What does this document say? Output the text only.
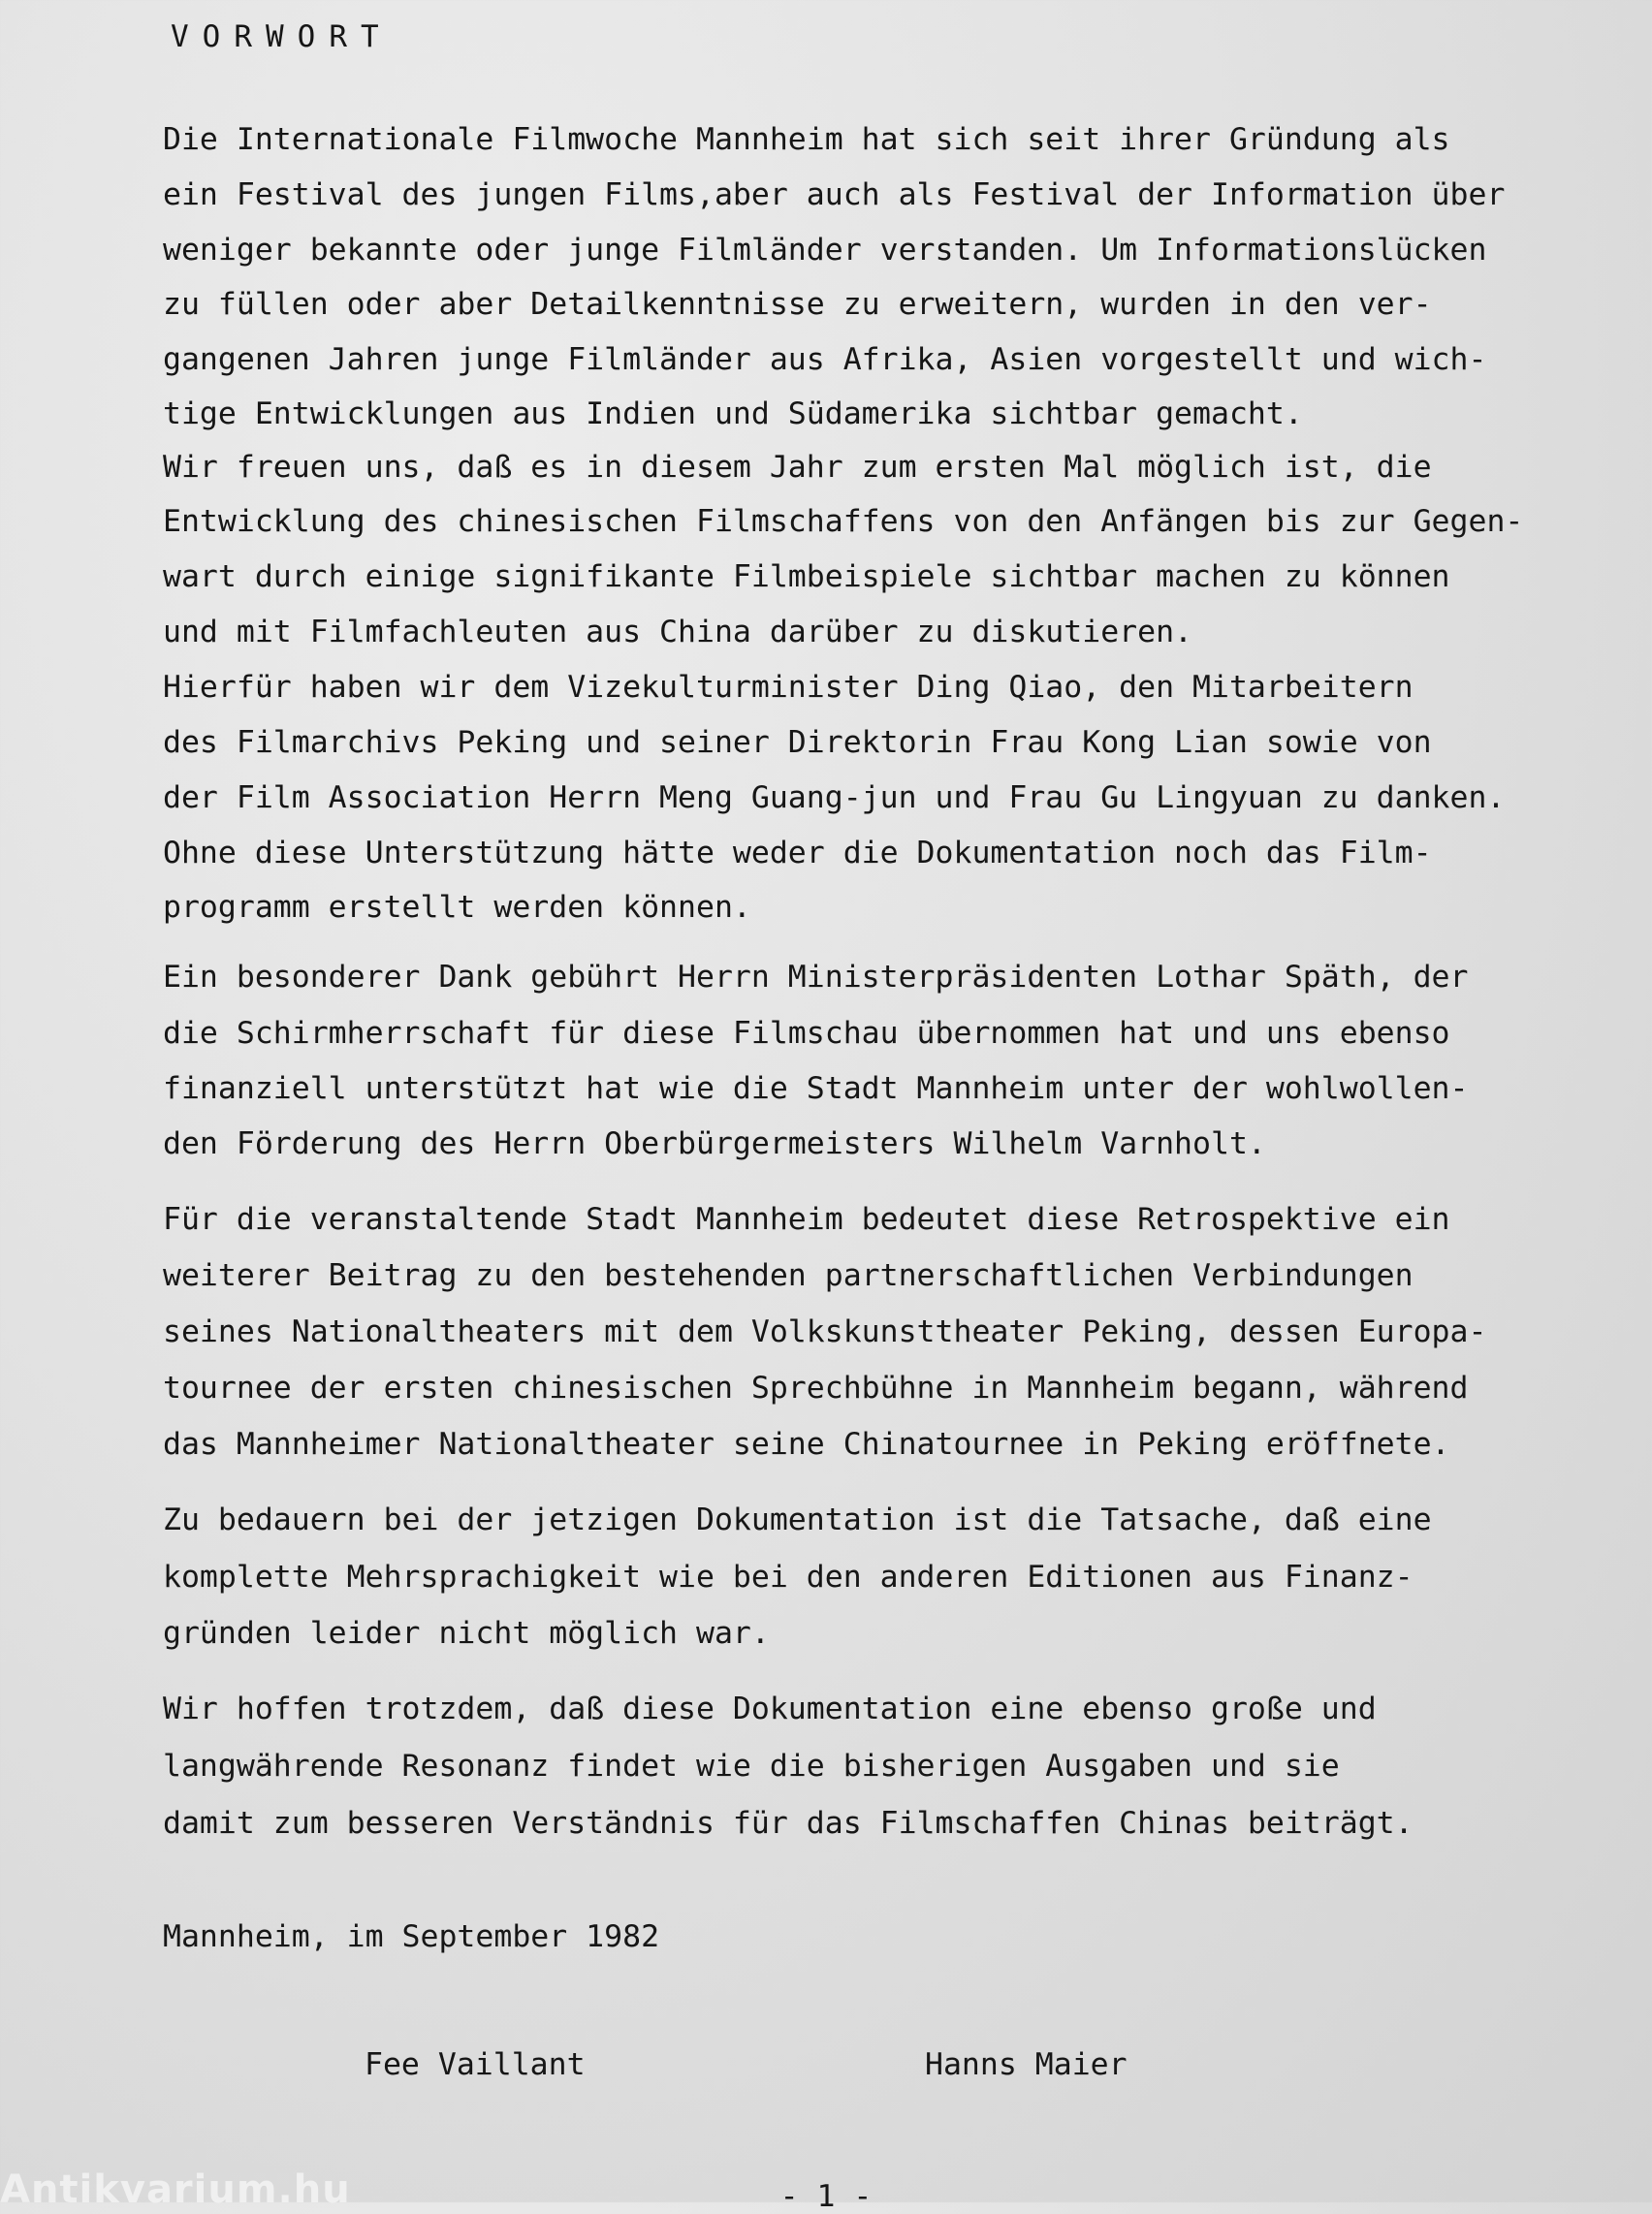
VORWORT

Die Internationale Filmwoche Mannheim hat sich seit ihrer Gründung als

ein Festival des jungen Films,aber auch als Festival der Information über

weniger bekannte oder junge Filmländer verstanden. Um Informationslücken

zu füllen oder aber Detailkenntnisse zu erweitern, wurden in den ver-

gangenen Jahren junge Filmländer aus Afrika, Asien vorgestellt und wich-

tige Entwicklungen aus Indien und Südamerika sichtbar gemacht.

Wir freuen uns, daß es in diesem Jahr zum ersten Mal möglich ist, die

Entwicklung des chinesischen Filmschaffens von den Anfängen bis zur Gegen-

wart durch einige signifikante Filmbeispiele sichtbar machen zu können

und mit Filmfachleuten aus China darüber zu diskutieren.

Hierfür haben wir dem Vizekulturminister Ding Qiao, den Mitarbeitern

des Filmarchivs Peking und seiner Direktorin Frau Kong Lian sowie von

der Film Association Herrn Meng Guang-jun und Frau Gu Lingyuan zu danken.

Ohne diese Unterstützung hätte weder die Dokumentation noch das Film-

programm erstellt werden können.

Ein besonderer Dank gebührt Herrn Ministerpräsidenten Lothar Späth, der

die Schirmherrschaft für diese Filmschau übernommen hat und uns ebenso

finanziell unterstützt hat wie die Stadt Mannheim unter der wohlwollen-

den Förderung des Herrn Oberbürgermeisters Wilhelm Varnholt.

Für die veranstaltende Stadt Mannheim bedeutet diese Retrospektive ein

weiterer Beitrag zu den bestehenden partnerschaftlichen Verbindungen

seines Nationaltheaters mit dem Volkskunsttheater Peking, dessen Europa-

tournee der ersten chinesischen Sprechbühne in Mannheim begann, während

das Mannheimer Nationaltheater seine Chinatournee in Peking eröffnete.

Zu bedauern bei der jetzigen Dokumentation ist die Tatsache, daß eine

komplette Mehrsprachigkeit wie bei den anderen Editionen aus Finanz-

gründen leider nicht möglich war.

Wir hoffen trotzdem, daß diese Dokumentation eine ebenso große und

langwährende Resonanz findet wie die bisherigen Ausgaben und sie

damit zum besseren Verständnis für das Filmschaffen Chinas beiträgt.

Mannheim, im September 1982

Fee Vaillant	Hanns Maier

- 1 -
Antikvarium.hu
